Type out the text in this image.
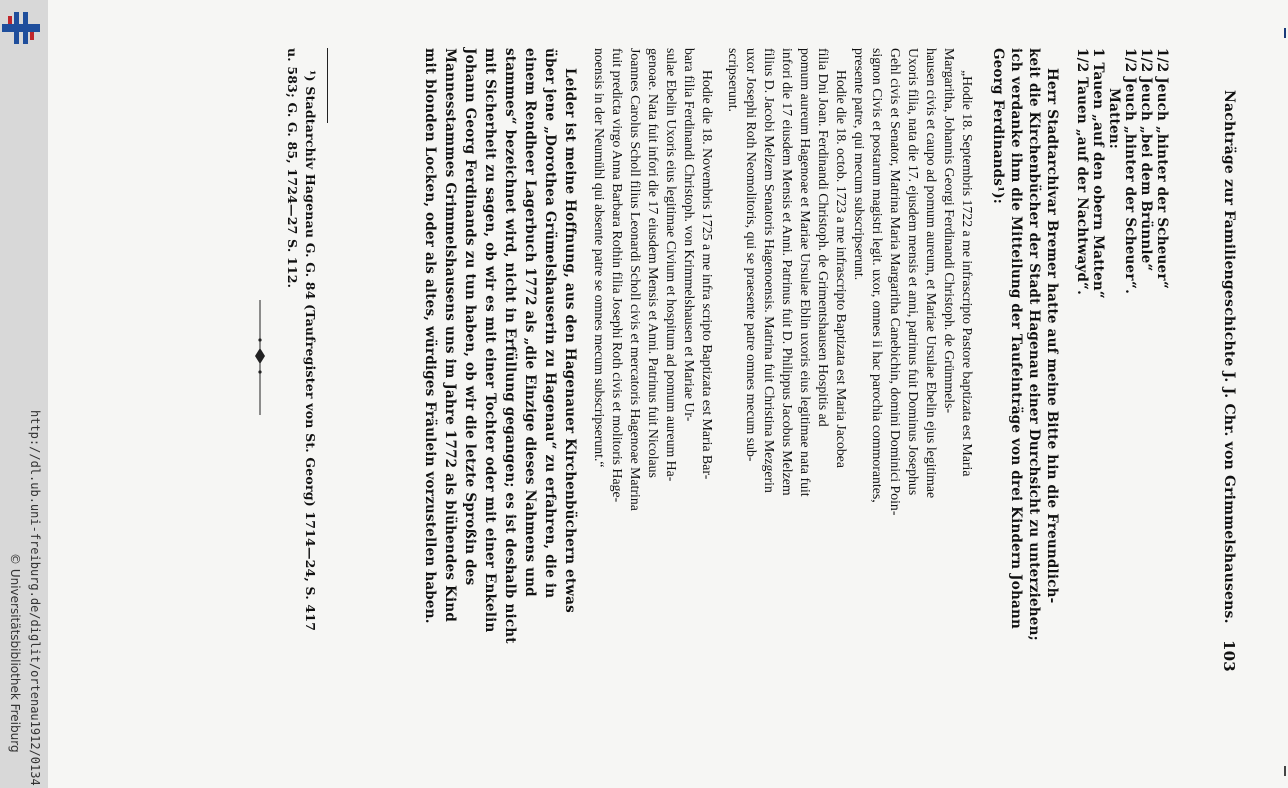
http://dl.ub.uni-freiburg.de/diglit/ortenau1912/0134
© Universitätsbibliothek Freiburg
Nachträge zur Familiengeschichte J. J. Chr. von Grimmelshausens.
103
1/2 Jeuch „hinter der Scheuer“
1/2 Jeuch „bei dem Brünnle“
1/2 Jeuch „hinter der Scheuer“.
Matten:
1 Tauen „auf den obern Matten“
1/2 Tauen „auf der Nachtwayd“.
Herr Stadtarchivar Bremer hatte auf meine Bitte hin die Freundlich-
keit die Kirchenbücher der Stadt Hagenau einer Durchsicht zu unterziehen;
ich verdanke ihm die Mitteilung der Taufeinträge von drei Kindern Johann
Georg Ferdinands¹):
„Hodie 18. Septembris 1722 a me infrascripto Pastore baptizata est Maria
Margaritha, Johannis Georgi Ferdinandi Christoph. de Grümmels-
hausen civis et caupo ad pomum aureum, et Mariae Ursulae Ebelin ejus legitimae
Uxoris filia, nata die 17. ejusdem mensis et anni, patrinus fuit Dominus Josephus
Gehl civis et Senator, Matrina Maria Margaritha Canebichin, domini Dominici Poin-
signon Civis et postarum magistri legit. uxor, omnes ii hac parochia commorantes,
presente patre, qui mecum subscripserunt.
Hodie die 18. octob. 1723 a me infrascripto Baptizata est Maria Jacobea
filia Dni Joan. Ferdinandi Christoph. de Grimentshausen Hospitis ad
pomum aureum Hagenoae et Mariae Ursulae Eblin uxoris eius legitimae nata fuit
infori die 17 eiusdem Mensis et Anni. Patrinus fuit D. Philippus Jacobus Melzem
filius D. Jacobi Melzem Senatoris Hagenoensis. Matrina fuit Christina Mezgerin
uxor Josephi Roth Neomolitoris, qui se praesente patre omnes mecum sub-
scripserunt.
Hodie die 18. Novembris 1725 a me infra scripto Baptizata est Maria Bar-
bara filia Ferdinandi Christoph. von Krimmelshausen et Mariae Ur-
sulae Ebelin Uxoris eius legitimae Civium et hospitum ad pomum aureum Ha-
genoae. Nata fuit infori die 17 eiusdem Mensis et Anni. Patrinus fuit Nicolaus
Joannes Carolus Scholl filius Leonardi Scholl civis et mercatoris Hagenoae Matrina
fuit predicta virgo Anna Barbara Rothin filia Josephi Roth civis et molitoris Hage-
noensis in der Neumühl qui absente patre se omnes mecum subscripserunt.“
Leider ist meine Hoffnung, aus den Hagenauer Kirchenbüchern etwas
über jene „Dorothea Grümelshauserin zu Hagenau“ zu erfahren, die in
einem Rendheer Lagerbuch 1772 als „die Einzige dieses Nahmens und
stammes“ bezeichnet wird, nicht in Erfüllung gegangen; es ist deshalb nicht
mit Sicherheit zu sagen, ob wir es mit einer Tochter oder mit einer Enkelin
Johann Georg Ferdinands zu tun haben, ob wir die letzte Sproßin des
Mannesstammes Grimmelshausens uns im Jahre 1772 als blühendes Kind
mit blonden Locken, oder als altes, würdiges Fräulein vorzustellen haben.
¹) Stadtarchiv Hagenau G. G. 84 (Taufregister von St. Georg) 1714—24, S. 417
u. 583; G. G. 85, 1724—27 S. 112.
